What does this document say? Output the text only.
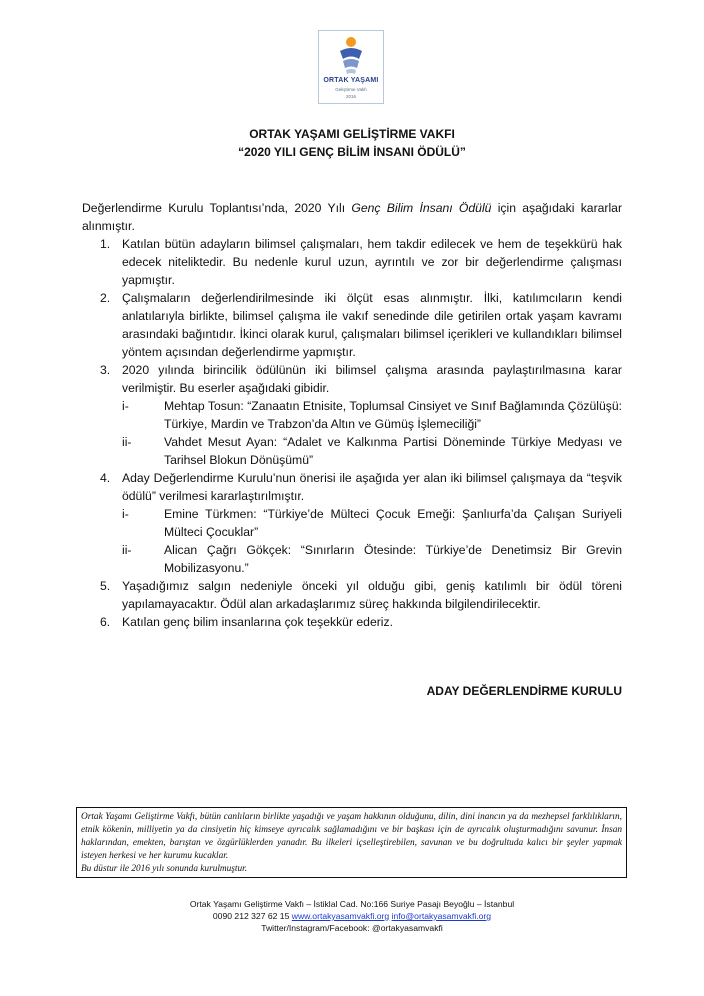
ORTAK YAŞAMI
Geliştirme Vakfı
2016
ORTAK YAŞAMI GELİŞTİRME VAKFI
“2020 YILI GENÇ BİLİM İNSANI ÖDÜLÜ”
Değerlendirme Kurulu Toplantısı’nda, 2020 Yılı Genç Bilim İnsanı Ödülü için aşağıdaki kararlar alınmıştır.
1. Katılan bütün adayların bilimsel çalışmaları, hem takdir edilecek ve hem de teşekkürü hak edecek niteliktedir. Bu nedenle kurul uzun, ayrıntılı ve zor bir değerlendirme çalışması yapmıştır.
2. Çalışmaların değerlendirilmesinde iki ölçüt esas alınmıştır. İlki, katılımcıların kendi anlatılarıyla birlikte, bilimsel çalışma ile vakıf senedinde dile getirilen ortak yaşam kavramı arasındaki bağıntıdır. İkinci olarak kurul, çalışmaları bilimsel içerikleri ve kullandıkları bilimsel yöntem açısından değerlendirme yapmıştır.
3. 2020 yılında birincilik ödülünün iki bilimsel çalışma arasında paylaştırılmasına karar verilmiştir. Bu eserler aşağıdaki gibidir.
i-	Mehtap Tosun: “Zanaatın Etnisite, Toplumsal Cinsiyet ve Sınıf Bağlamında Çözülüşü: Türkiye, Mardin ve Trabzon’da Altın ve Gümüş İşlemeciliği”
ii-	Vahdet Mesut Ayan: “Adalet ve Kalkınma Partisi Döneminde Türkiye Medyası ve Tarihsel Blokun Dönüşümü”
4. Aday Değerlendirme Kurulu’nun önerisi ile aşağıda yer alan iki bilimsel çalışmaya da “teşvik ödülü” verilmesi kararlaştırılmıştır.
i-	Emine Türkmen: “Türkiye’de Mülteci Çocuk Emeği: Şanlıurfa’da Çalışan Suriyeli Mülteci Çocuklar”
ii-	Alican Çağrı Gökçek: “Sınırların Ötesinde: Türkiye’de Denetimsiz Bir Grevin Mobilizasyonu.”
5. Yaşadığımız salgın nedeniyle önceki yıl olduğu gibi, geniş katılımlı bir ödül töreni yapılamayacaktır. Ödül alan arkadaşlarımız süreç hakkında bilgilendirilecektir.
6. Katılan genç bilim insanlarına çok teşekkür ederiz.
ADAY DEĞERLENDİRME KURULU
Ortak Yaşamı Geliştirme Vakfı, bütün canlıların birlikte yaşadığı ve yaşam hakkının olduğunu, dilin, dini inancın ya da mezhepsel farklılıkların, etnik kökenin, milliyetin ya da cinsiyetin hiç kimseye ayrıcalık sağlamadığını ve bir başkası için de ayrıcalık oluşturmadığını savunur. İnsan haklarından, emekten, barıştan ve özgürlüklerden yanadır. Bu ilkeleri içselleştirebilen, savunan ve bu doğrultuda kalıcı bir şeyler yapmak isteyen herkesi ve her kurumu kucaklar.
Bu düstur ile 2016 yılı sonunda kurulmuştur.
Ortak Yaşamı Geliştirme Vakfı – İstiklal Cad. No:166 Suriye Pasajı Beyoğlu – İstanbul
0090 212 327 62 15 www.ortakyasamvakfi.org info@ortakyasamvakfi.org
Twitter/Instagram/Facebook: @ortakyasamvakfi
